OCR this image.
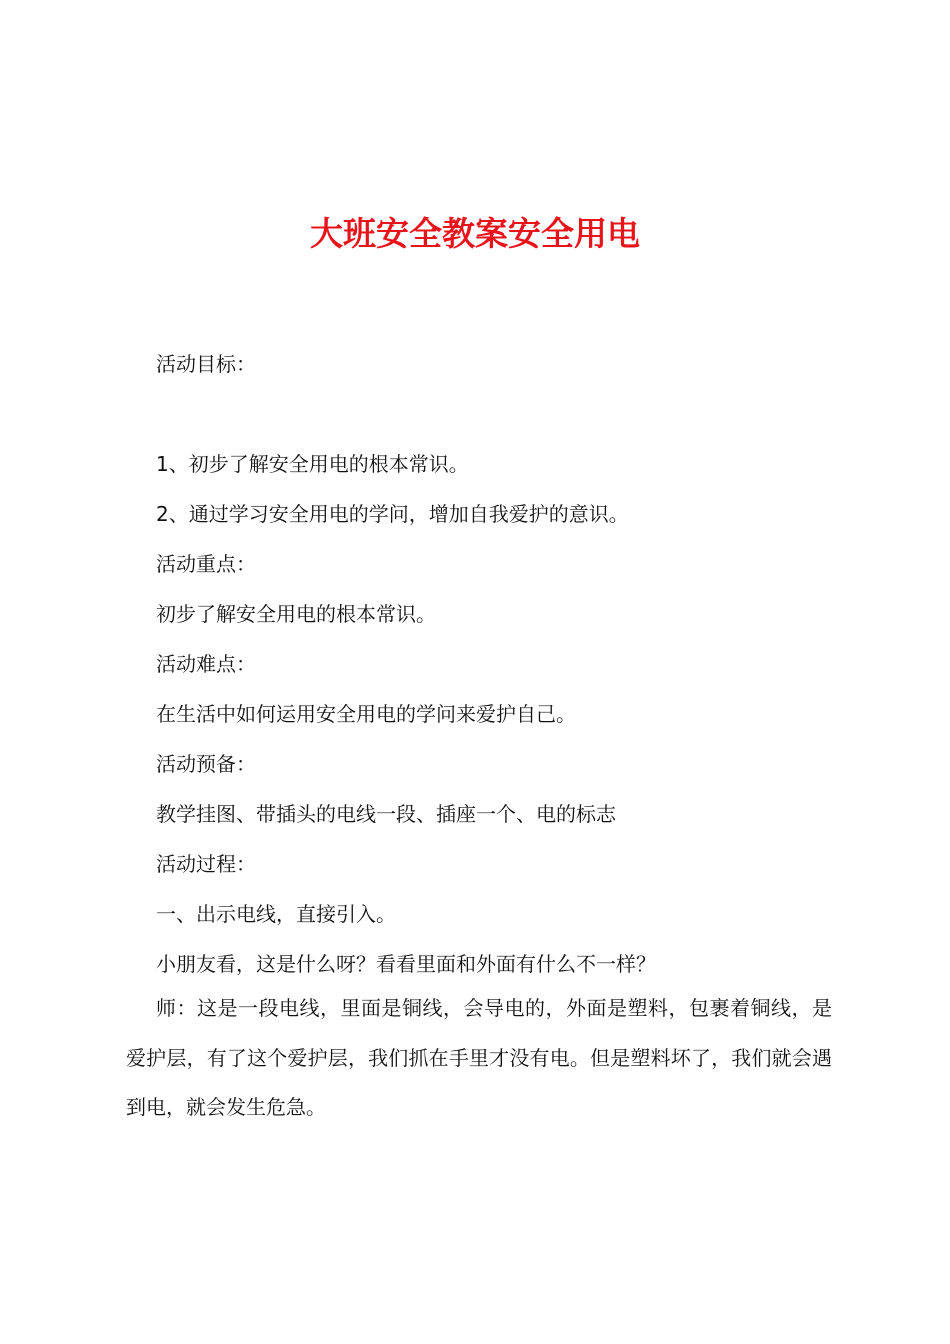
大班安全教案安全用电

活动目标：

1、初步了解安全用电的根本常识。

2、通过学习安全用电的学问，增加自我爱护的意识。

活动重点：

初步了解安全用电的根本常识。

活动难点：

在生活中如何运用安全用电的学问来爱护自己。

活动预备：

教学挂图、带插头的电线一段、插座一个、电的标志

活动过程：

一、出示电线，直接引入。

小朋友看，这是什么呀？看看里面和外面有什么不一样？

师：这是一段电线，里面是铜线，会导电的，外面是塑料，包裹着铜线，是爱护层，有了这个爱护层，我们抓在手里才没有电。但是塑料坏了，我们就会遇到电，就会发生危急。
